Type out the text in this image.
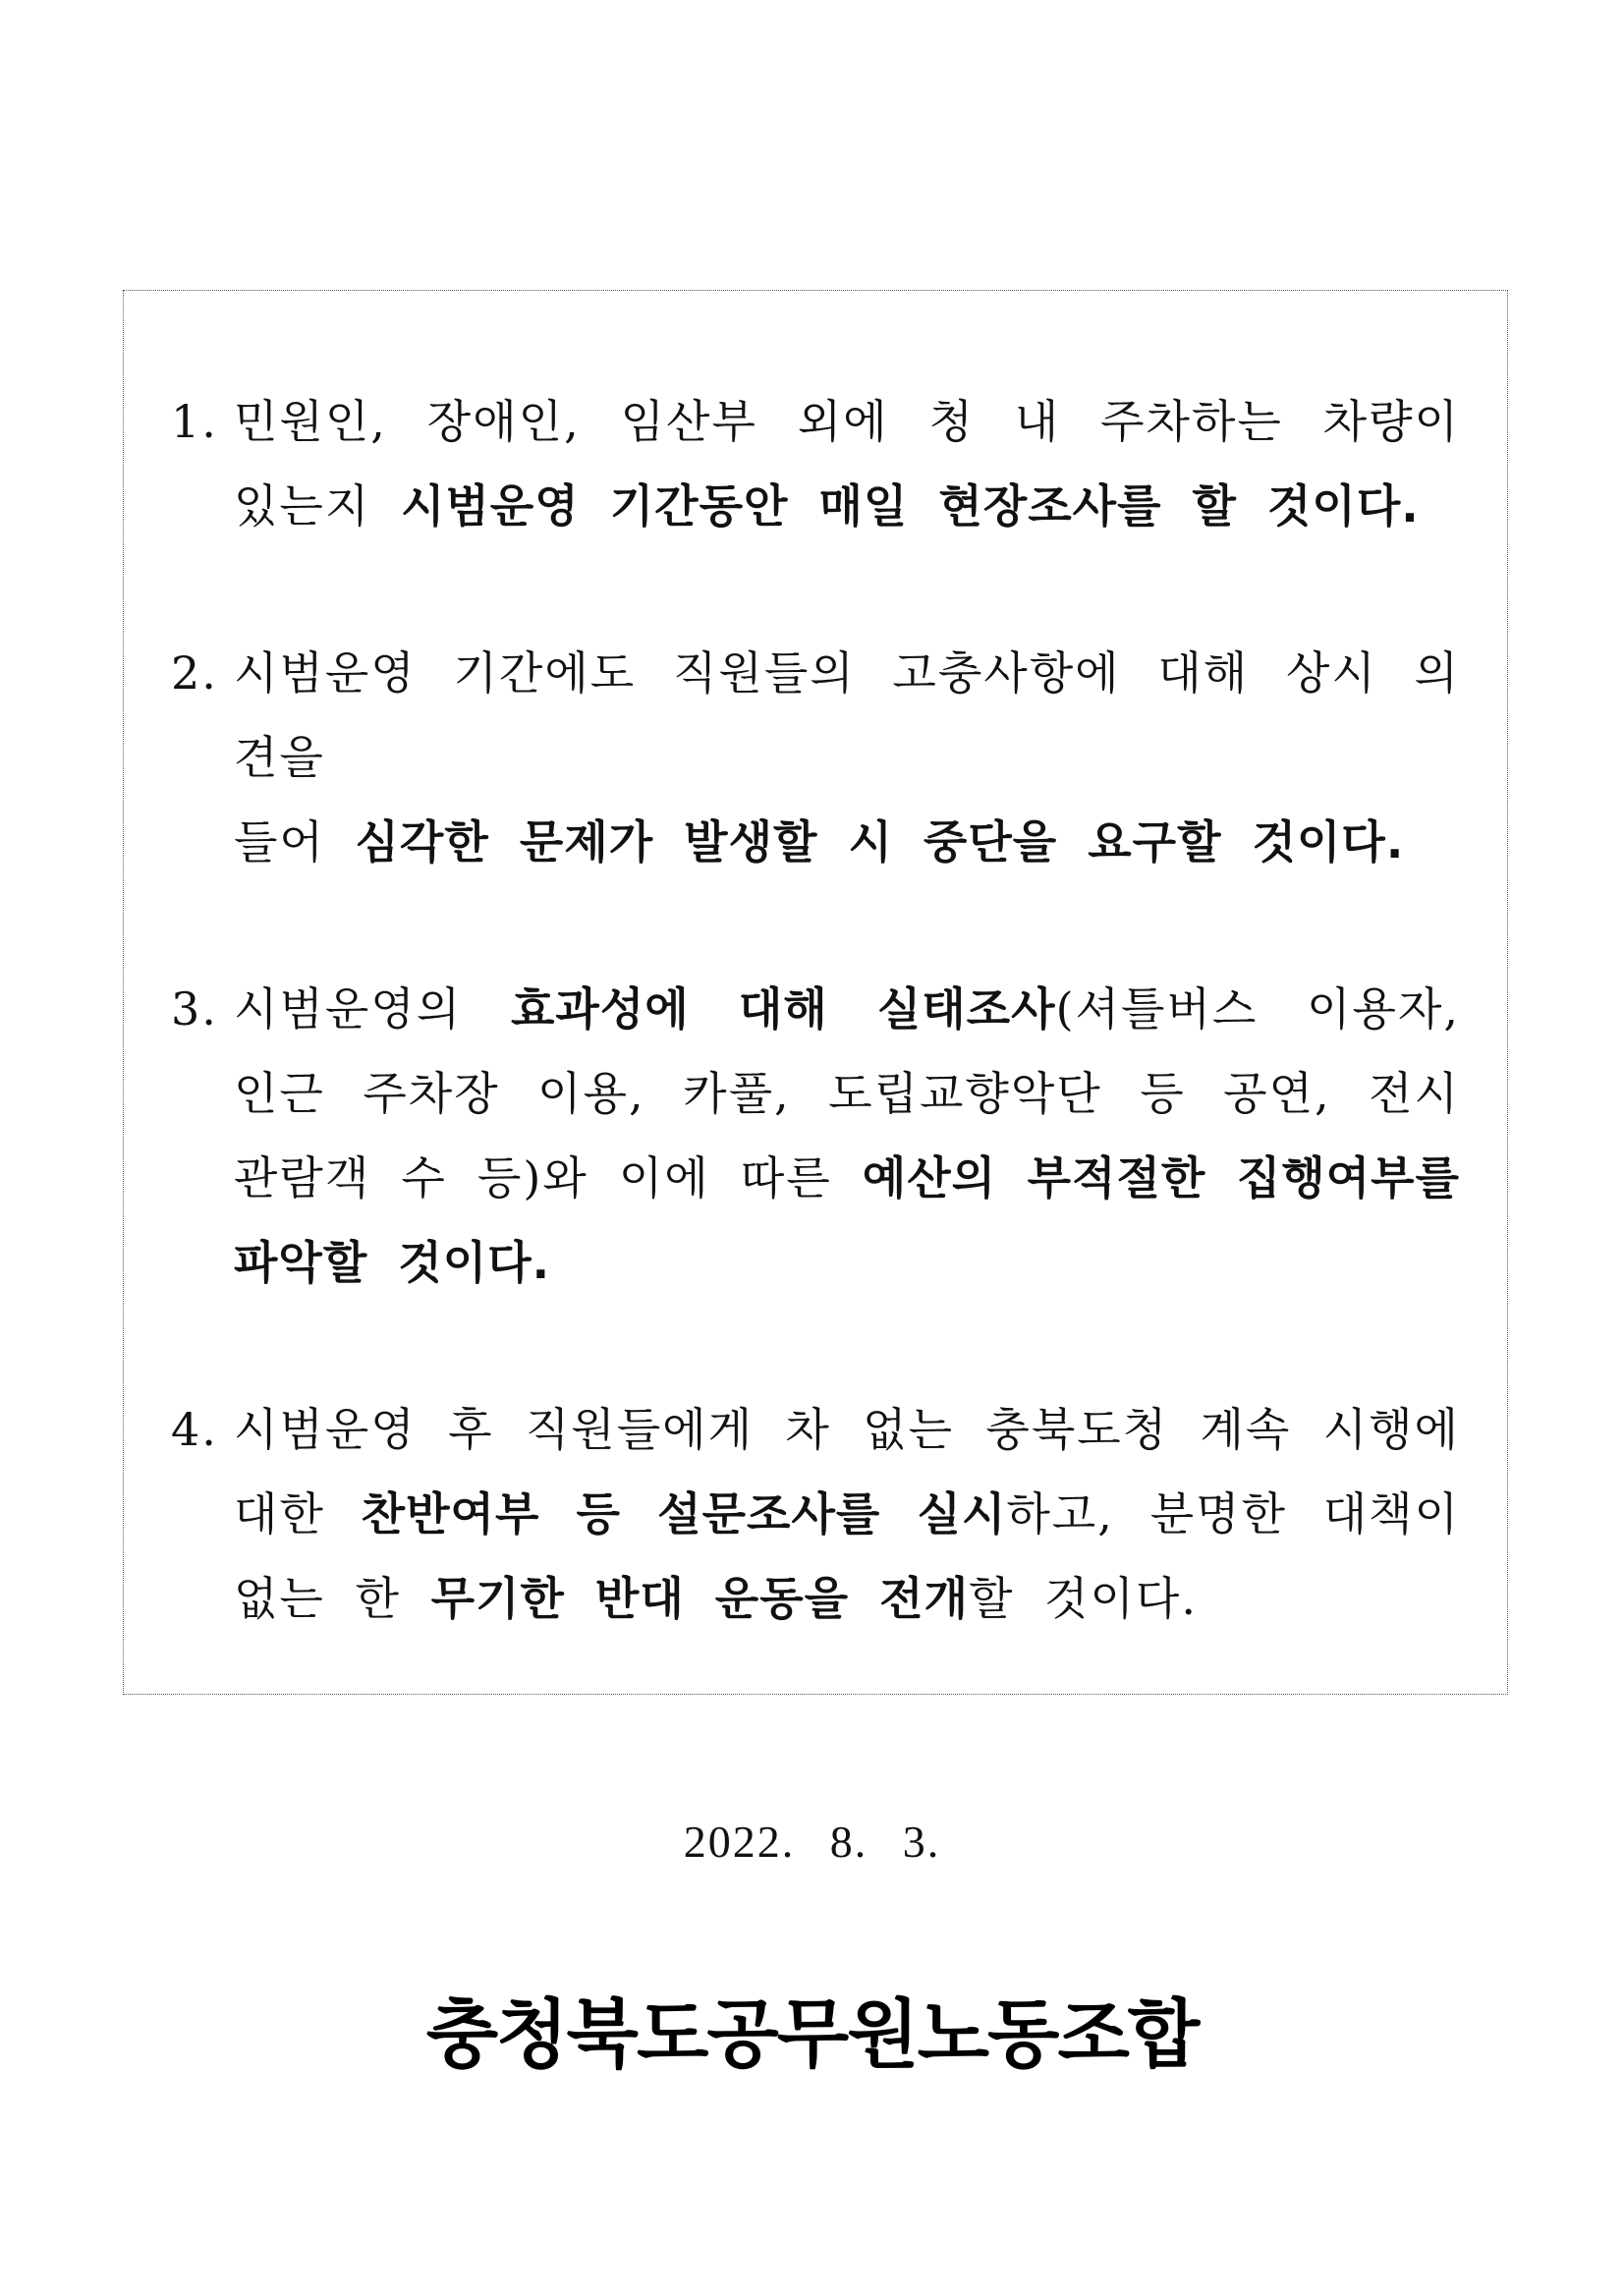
1. 민원인, 장애인, 임산부 외에 청 내 주차하는 차량이
있는지 시범운영 기간동안 매일 현장조사를 할 것이다.
2. 시범운영 기간에도 직원들의 고충사항에 대해 상시 의견을
들어 심각한 문제가 발생할 시 중단을 요구할 것이다.
3. 시범운영의 효과성에 대해 실태조사(셔틀버스 이용자,
인근 주차장 이용, 카풀, 도립교향악단 등 공연, 전시
관람객 수 등)와 이에 따른 예산의 부적절한 집행여부를
파악할 것이다.
4. 시범운영 후 직원들에게 차 없는 충북도청 계속 시행에
대한 찬반여부 등 설문조사를 실시하고, 분명한 대책이
없는 한 무기한 반대 운동을 전개할 것이다.
2022. 8. 3.
충청북도공무원노동조합
